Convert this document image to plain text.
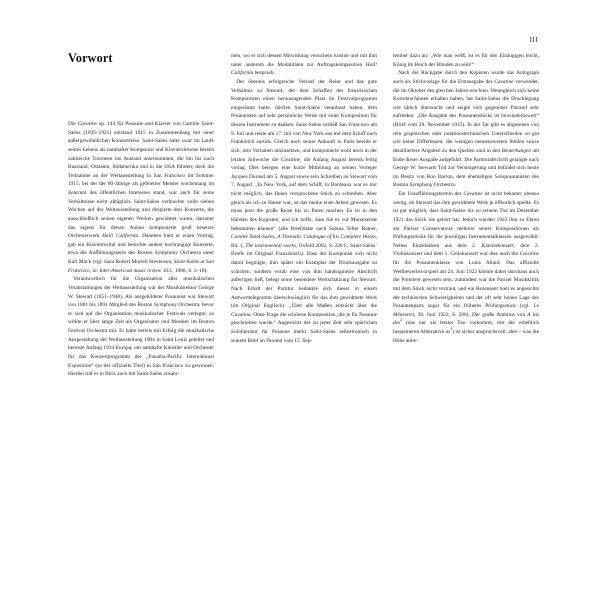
III
Vorwort

Die Cavatine op. 144 für Posaune und Klavier von Camille Saint-Saëns (1835–1921) entstand 1915 in Zusammenhang mit einer außergewöhnlichen Konzertreise. Saint-Saëns hatte zwar im Laufe seines Lebens als namhafter Komponist und Klaviervirtuose bereits zahlreiche Tourneen ins Ausland unternommen, die ihn bis nach Russland, Ostasien, Südamerika und in die USA führten, doch die Teilnahme an der Weltausstellung in San Francisco im Sommer 1915, bei der der 80-Jährige als gefeierter Meister wochenlang im Zentrum des öffentlichen Interesses stand, war auch für seine Verhältnisse nicht alltäglich. Saint-Saëns verbrachte volle sieben Wochen auf der Weltausstellung und dirigierte drei Konzerte, die ausschließlich seinen eigenen Werken gewidmet waren, darunter das eigens für diesen Anlass komponierte groß besetzte Orchesterwerk Hail! California. Daneben hielt er einen Vortrag, gab ein Klavierrecital und besuchte andere hochrangige Konzerte, etwa die Aufführungsserie des Boston Symphony Orchestra unter Karl Muck (vgl. dazu Robert Murrell Stevenson, Saint-Saëns at San Francisco, in: Inter-American music review 10/1, 1988, S. 3–18).

Verantwortlich für die Organisation aller musikalischen Veranstaltungen der Weltausstellung war der Musikdirektor George W. Stewart (1851–1940). Als ausgebildeter Posaunist war Stewart von 1881 bis 1891 Mitglied des Boston Symphony Orchestra, bevor er sich auf die Organisation musikalischer Festivals verlegte; so wirkte er über lange Zeit als Organisator und Musiker im Boston Festival Orchestra mit. Er hatte bereits mit Erfolg die musikalische Ausgestaltung der Weltausstellung 1904 in Saint Louis geleitet und bereiste Anfang 1914 Europa, um namhafte Künstler und Orchester für das Konzertprogramm der „Panama-Pacific International Exposition“ (so der offizielle Titel) in San Francisco zu gewinnen. Hierbei traf er in Paris auch mit Saint-Saëns zusam-

men, wo er sich dessen Mitwirkung versichern konnte und mit ihm unter anderem die Modalitäten zur Auftragskomposition Hail! California besprach.

Der überaus erfolgreiche Verlauf der Reise und das gute Verhältnis zu Stewart, der dem Schaffen des französischen Komponisten einen herausragenden Platz im Festivalprogramm eingeräumt hatte, dürften Saint-Saëns veranlasst haben, dem Posaunisten auf sehr persönliche Weise mit einer Komposition für dessen Instrument zu danken. Saint-Saëns verließ San Francisco am 9. Juli und reiste am 17. Juli von New York aus mit dem Schiff nach Frankreich zurück. Gleich nach seiner Ankunft in Paris beeilte er sich, sein Vorhaben umzusetzen, und komponierte wohl noch in der letzten Juliwoche die Cavatine, die Anfang August bereits fertig vorlag. Dies belegen eine kurze Mitteilung an seinen Verleger Jacques Durand am 5. August sowie sein Schreiben an Stewart vom 7. August: „In New York, auf dem Schiff, in Bordeaux war es mir nicht möglich, das Ihnen versprochene Stück zu schreiben. Aber gleich als ich zu Hause war, ist das meine erste Arbeit gewesen. Es muss jetzt die große Reise bis zu Ihnen machen. Es ist in den Händen des Kopisten, und ich hoffe, dass Sie es vor Monatsende bekommen können“ (alle Briefzitate nach Sabina Teller Ratner, Camille Saint-Saëns, A Thematic Catalogue of his Complete Works, Bd. 1, The instrumental works, Oxford 2002, S. 226 f.; Saint-Saëns’ Briefe im Original Französisch). Dass der Komponist sich nicht damit begnügte, ihm später ein Exemplar der Druckausgabe zu schicken, sondern vorab eine von ihm handsignierte Abschrift anfertigen ließ, belegt seine besondere Wertschätzung für Stewart. Nach Erhalt der Partitur bedankte sich dieser in einem Antworttelegramm überschwänglich für das ihm gewidmete Werk (im Original Englisch): „Über alle Maßen entzückt über die Cavatina. Ohne Frage die schönste Komposition, die je für Posaune geschrieben wurde.“ Angesichts der zu jener Zeit sehr spärlichen Sololiteratur für Posaune merkt Saint-Saëns selbstironisch in seinem Brief an Durand vom 15. Sep-

tember dazu an: „Wie man weiß, ist es für den Einäugigen leicht, König im Reich der Blinden zu sein!“

Nach der Rückgabe durch den Kopisten wurde das Autograph auch als Stichvorlage für die Erstausgabe der Cavatine verwendet, die im Oktober des gleichen Jahres erschien. Wenngleich sich keine Korrekturfahnen erhalten haben, hat Saint-Saëns die Drucklegung wie üblich überwacht und zeigte sich gegenüber Durand sehr zufrieden: „Die Ausgabe des Posaunenstücks ist bewundernswert“ (Brief vom 28. November 1915). In der Tat gibt es abgesehen von rein graphischen oder notationstechnischen Unterschieden so gut wie keine Differenzen; die wenigen nennenswerten Stellen sowie detailliertere Angaben zu den Quellen sind in den Bemerkungen am Ende dieser Ausgabe aufgeführt. Die Partiturabschrift gelangte nach George W. Stewarts Tod zur Versteigerung und befindet sich heute im Besitz von Ron Barron, dem ehemaligen Soloposaunisten des Boston Symphony Orchestra.

Ein Uraufführungstermin der Cavatine ist nicht bekannt; ebenso wenig, ob Stewart das ihm gewidmete Werk je öffentlich spielte. Es ist gut möglich, dass Saint-Saëns bis zu seinem Tod im Dezember 1921 das Stück nie gehört hat. Jedoch wurden 1922 ihm zu Ehren am Pariser Conservatoire mehrere seiner Kompositionen als Prüfungsstücke für die jeweiligen Instrumentalklassen ausgewählt: Neben Einzelsätzen aus dem 2. Klavierkonzert, dem 2. Violinkonzert und dem 1. Cellokonzert war dies auch die Cavatine für die Posaunenklasse von Louis Allard. Das offizielle Wettbewerbsvorspiel am 24. Juni 1922 könnte daher durchaus auch die Premiere gewesen sein; zumindest war die Pariser Musikkritik mit dem Stück nicht vertraut, und ein Rezensent hielt es angesichts der technischen Schwierigkeiten und der oft sehr hohen Lage des Posaunenparts sogar für ein früheres Prüfungsstück (vgl. Le Ménestrel, 30. Juni 1922, S. 286). Der große Ambitus von A bis des$^2$ (das nur als letzter Ton vorkommt, mit der erheblich bequemeren Alternative $as^1$) ist sicher anspruchsvoll, aber – was die Höhe anbe-
